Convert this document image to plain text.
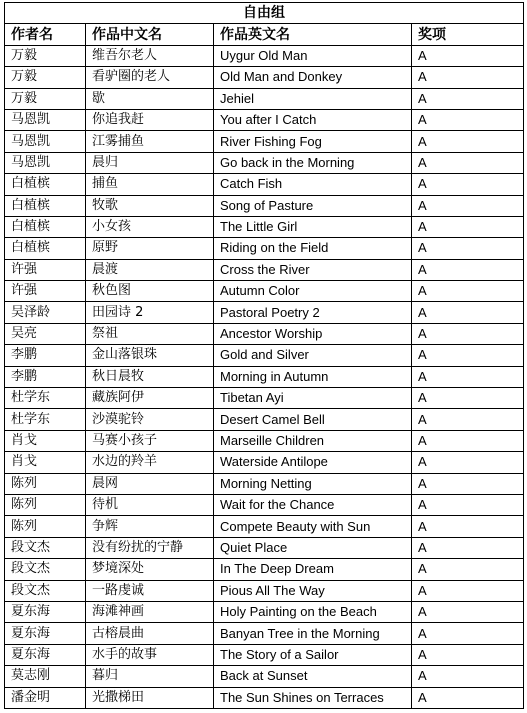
自由组			
作者名	作品中文名	作品英文名	奖项
万毅	维吾尔老人	Uygur Old Man	A
万毅	看驴圈的老人	Old Man and Donkey	A
万毅	歇	Jehiel	A
马恩凯	你追我赶	You after I Catch	A
马恩凯	江雾捕鱼	River Fishing Fog	A
马恩凯	晨归	Go back in the Morning	A
白植槟	捕鱼	Catch Fish	A
白植槟	牧歌	Song of Pasture	A
白植槟	小女孩	The Little Girl	A
白植槟	原野	Riding on the Field	A
许强	晨渡	Cross the River	A
许强	秋色图	Autumn Color	A
吴泽龄	田园诗 2	Pastoral Poetry 2	A
吴亮	祭祖	Ancestor Worship	A
李鹏	金山落银珠	Gold and Silver	A
李鹏	秋日晨牧	Morning in Autumn	A
杜学东	藏族阿伊	Tibetan Ayi	A
杜学东	沙漠驼铃	Desert Camel Bell	A
肖戈	马赛小孩子	Marseille Children	A
肖戈	水边的羚羊	Waterside Antilope	A
陈列	晨网	Morning Netting	A
陈列	待机	Wait for the Chance	A
陈列	争辉	Compete Beauty with Sun	A
段文杰	没有纷扰的宁静	Quiet Place	A
段文杰	梦境深处	In The Deep Dream	A
段文杰	一路虔诚	Pious All The Way	A
夏东海	海滩神画	Holy Painting on the Beach	A
夏东海	古榕晨曲	Banyan Tree in the Morning	A
夏东海	水手的故事	The Story of a Sailor	A
莫志刚	暮归	Back at Sunset	A
潘金明	光撒梯田	The Sun Shines on Terraces	A
